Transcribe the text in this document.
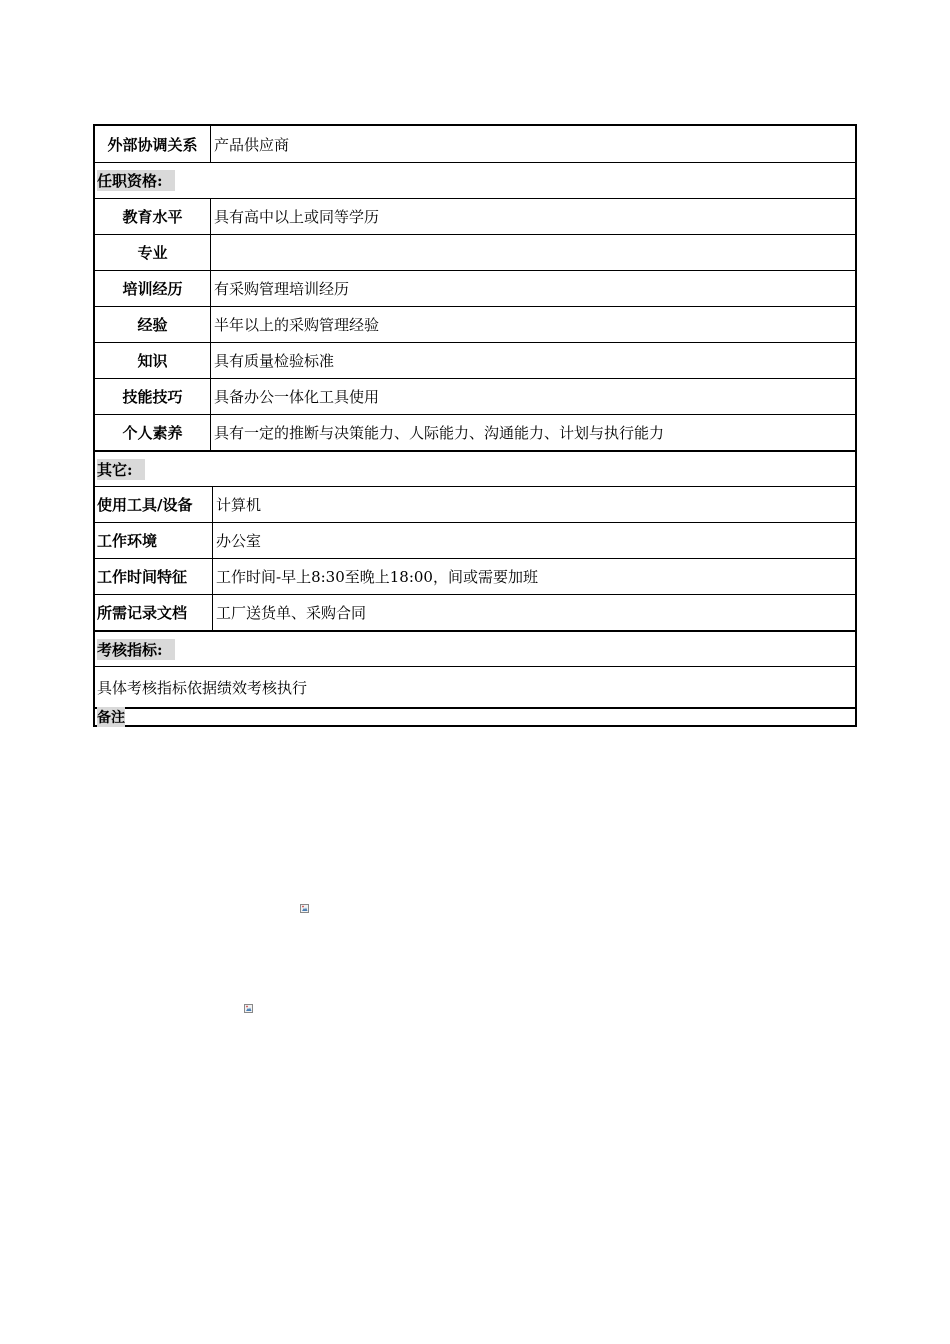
外部协调关系	产品供应商
任职资格:
教育水平	具有高中以上或同等学历
专业
培训经历	有采购管理培训经历
经验	半年以上的采购管理经验
知识	具有质量检验标准
技能技巧	具备办公一体化工具使用
个人素养	具有一定的推断与决策能力、人际能力、沟通能力、计划与执行能力
其它:
使用工具/设备	计算机
工作环境	办公室
工作时间特征	工作时间-早上8:30至晚上18:00，间或需要加班
所需记录文档	工厂送货单、采购合同
考核指标:
具体考核指标依据绩效考核执行
备注
